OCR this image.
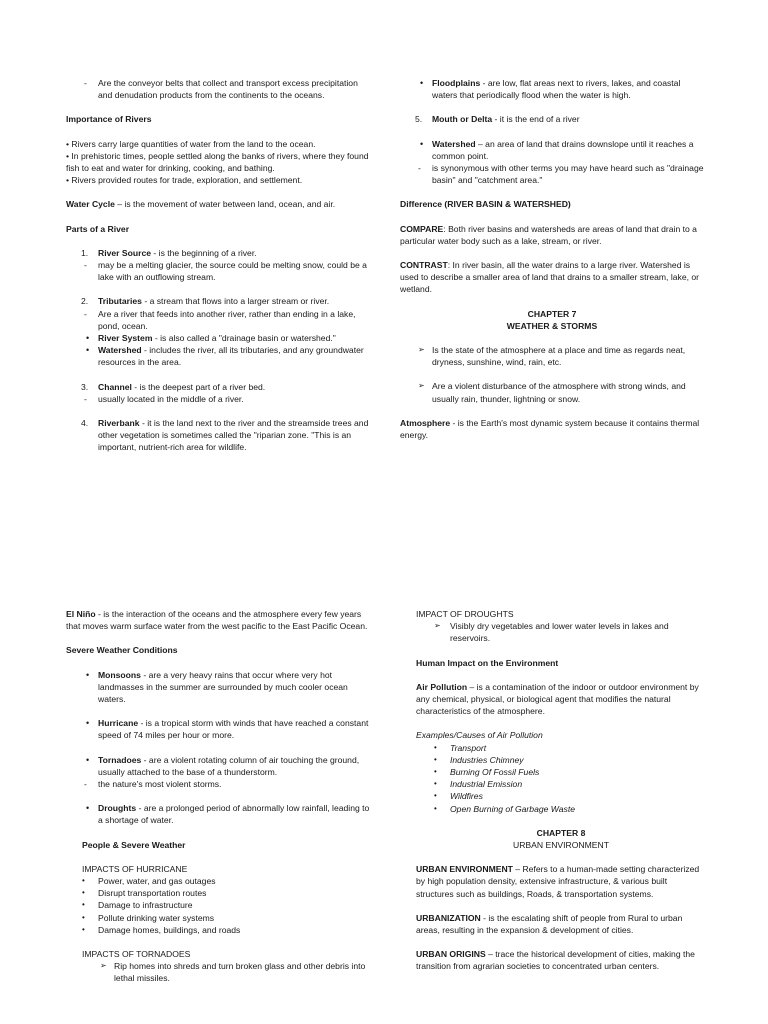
-	Are the conveyor belts that collect and transport excess precipitation and denudation products from the continents to the oceans.

Importance of Rivers

• Rivers carry large quantities of water from the land to the ocean.

• In prehistoric times, people settled along the banks of rivers, where they found fish to eat and water for drinking, cooking, and bathing.

• Rivers provided routes for trade, exploration, and settlement.

Water Cycle – is the movement of water between land, ocean, and air.

Parts of a River

1.	River Source - is the beginning of a river.

-	may be a melting glacier, the source could be melting snow, could be a lake with an outflowing stream.

2.	Tributaries - a stream that flows into a larger stream or river.

-	Are a river that feeds into another river, rather than ending in a lake, pond, ocean.

•	River System - is also called a "drainage basin or watershed."

•	Watershed - includes the river, all its tributaries, and any groundwater resources in the area.

3.	Channel - is the deepest part of a river bed.

-	usually located in the middle of a river.

4.	Riverbank - it is the land next to the river and the streamside trees and other vegetation is sometimes called the "riparian zone. "This is an important, nutrient-rich area for wildlife.

•	Floodplains - are low, flat areas next to rivers, lakes, and coastal waters that periodically flood when the water is high.

5.	Mouth or Delta - it is the end of a river

•	Watershed – an area of land that drains downslope until it reaches a common point.

-	is synonymous with other terms you may have heard such as "drainage basin" and "catchment area."

Difference (RIVER BASIN & WATERSHED)

COMPARE: Both river basins and watersheds are areas of land that drain to a particular water body such as a lake, stream, or river.

CONTRAST: In river basin, all the water drains to a large river. Watershed is used to describe a smaller area of land that drains to a smaller stream, lake, or wetland.

CHAPTER 7

WEATHER & STORMS

➢ Is the state of the atmosphere at a place and time as regards neat, dryness, sunshine, wind, rain, etc.

➢ Are a violent disturbance of the atmosphere with strong winds, and usually rain, thunder, lightning or snow.

Atmosphere - is the Earth's most dynamic system because it contains thermal energy.

El Niño - is the interaction of the oceans and the atmosphere every few years that moves warm surface water from the west pacific to the East Pacific Ocean.

Severe Weather Conditions

•	Monsoons - are a very heavy rains that occur where very hot landmasses in the summer are surrounded by much cooler ocean waters.

•	Hurricane - is a tropical storm with winds that have reached a constant speed of 74 miles per hour or more.

•	Tornadoes - are a violent rotating column of air touching the ground, usually attached to the base of a thunderstorm.

-	the nature's most violent storms.

•	Droughts - are a prolonged period of abnormally low rainfall, leading to a shortage of water.

People & Severe Weather

IMPACTS OF HURRICANE

•	Power, water, and gas outages

•	Disrupt transportation routes

•	Damage to infrastructure

•	Pollute drinking water systems

•	Damage homes, buildings, and roads

IMPACTS OF TORNADOES

➢ Rip homes into shreds and turn broken glass and other debris into lethal missiles.

IMPACT OF DROUGHTS

➢	Visibly dry vegetables and lower water levels in lakes and reservoirs.

Human Impact on the Environment

Air Pollution – is a contamination of the indoor or outdoor environment by any chemical, physical, or biological agent that modifies the natural characteristics of the atmosphere.

Examples/Causes of Air Pollution

•	Transport

•	Industries Chimney

•	Burning Of Fossil Fuels

•	Industrial Emission

•	Wildfires

•	Open Burning of Garbage Waste

CHAPTER 8

URBAN ENVIRONMENT

URBAN ENVIRONMENT – Refers to a human-made setting characterized by high population density, extensive infrastructure, & various built structures such as buildings, Roads, & transportation systems.

URBANIZATION - is the escalating shift of people from Rural to urban areas, resulting in the expansion & development of cities.

URBAN ORIGINS – trace the historical development of cities, making the transition from agrarian societies to concentrated urban centers.
